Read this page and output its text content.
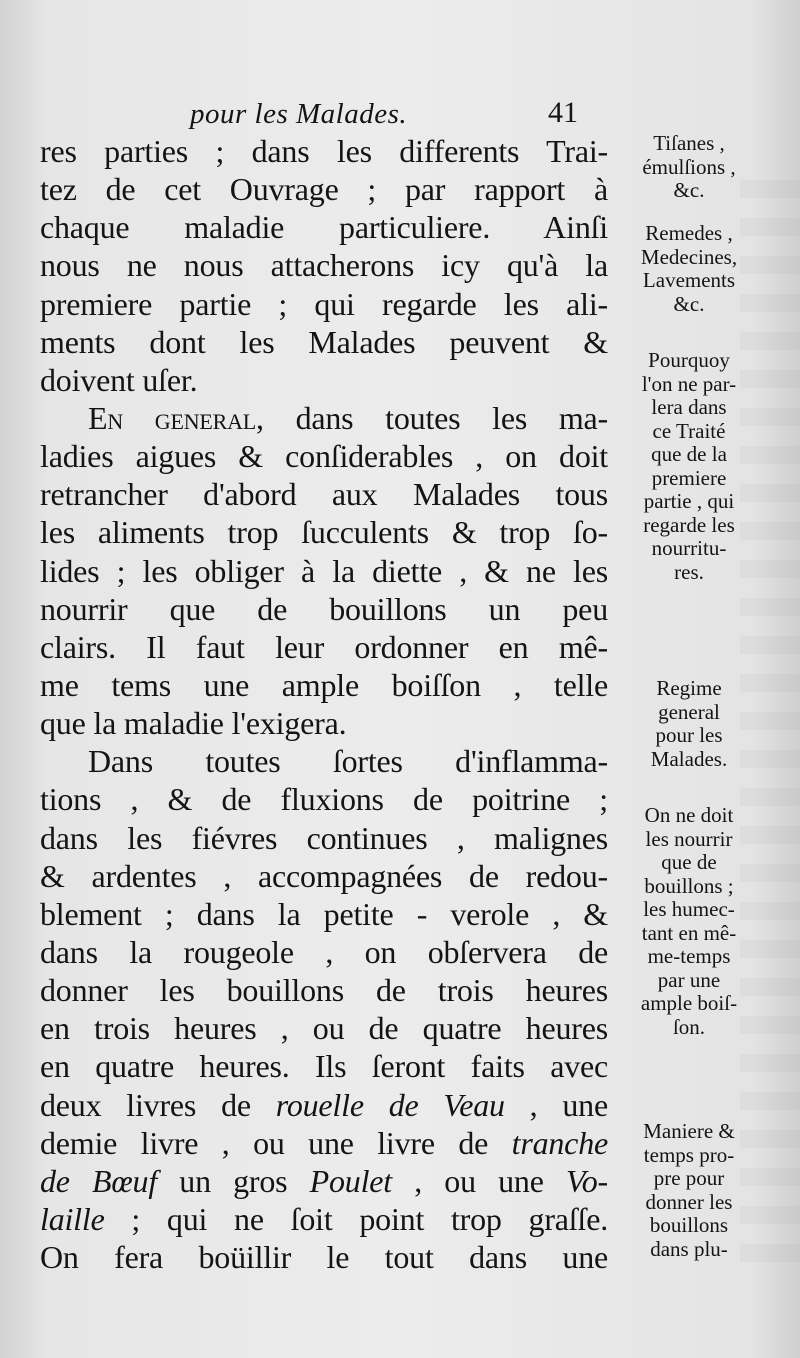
pour les Malades.	41
res parties ; dans les differents Trai-
tez de cet Ouvrage ; par rapport à
chaque maladie particuliere. Ainſi
nous ne nous attacherons icy qu'à la
premiere partie ; qui regarde les ali-
ments dont les Malades peuvent &
doivent uſer.
En general, dans toutes les ma-
ladies aigues & conſiderables , on doit
retrancher d'abord aux Malades tous
les aliments trop ſucculents & trop ſo-
lides ; les obliger à la diette , & ne les
nourrir que de bouillons un peu
clairs. Il faut leur ordonner en mê-
me tems une ample boiſſon , telle
que la maladie l'exigera.
Dans toutes ſortes d'inflamma-
tions , & de fluxions de poitrine ;
dans les fiévres continues , malignes
& ardentes , accompagnées de redou-
blement ; dans la petite - verole , &
dans la rougeole , on obſervera de
donner les bouillons de trois heures
en trois heures , ou de quatre heures
en quatre heures. Ils ſeront faits avec
deux livres de rouelle de Veau , une
demie livre , ou une livre de tranche
de Bœuf un gros Poulet , ou une Vo-
laille ; qui ne ſoit point trop graſſe.
On fera boüillir le tout dans une
Tiſanes ,
émulſions ,
&c.
Remedes ,
Medecines,
Lavements
&c.
Pourquoy
l'on ne par-
lera dans
ce Traité
que de la
premiere
partie , qui
regarde les
nourritu-
res.
Regime
general
pour les
Malades.
On ne doit
les nourrir
que de
bouillons ;
les humec-
tant en mê-
me-temps
par une
ample boiſ-
ſon.
Maniere &
temps pro-
pre pour
donner les
bouillons
dans plu-
